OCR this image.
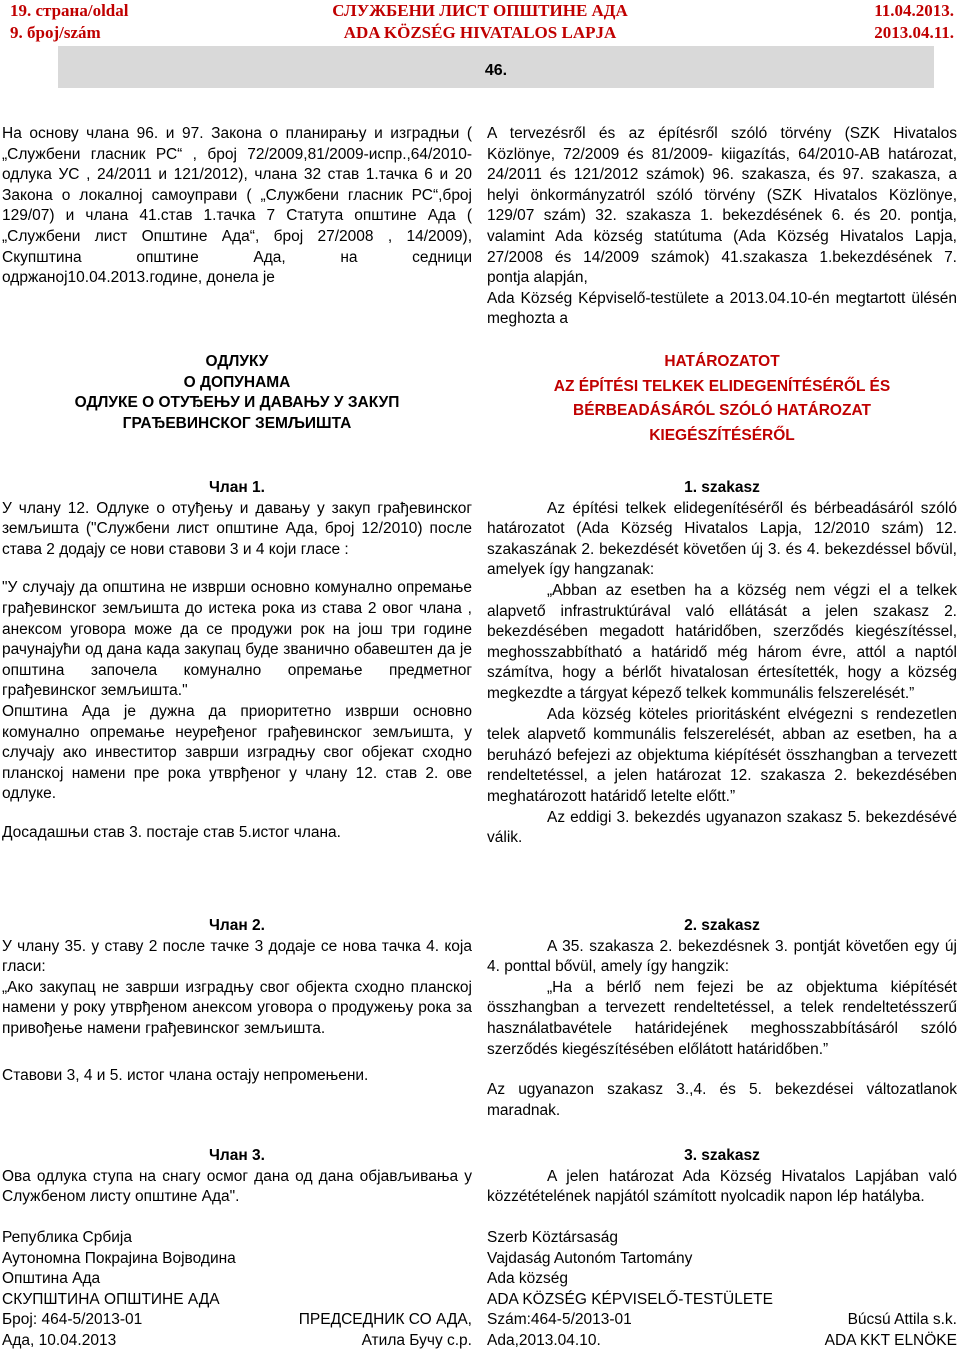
19. страна/oldal
9. број/szám
СЛУЖБЕНИ ЛИСТ ОПШТИНЕ АДА
ADA KÖZSÉG HIVATALOS LAPJA
11.04.2013.
2013.04.11.
46.

На основу члана 96. и 97. Закона о планирању и изградњи ( „Службени гласник РС“ , број 72/2009,81/2009-испр.,64/2010-одлука УС , 24/2011 и 121/2012), члана 32 став 1.тачка 6 и 20 Закона о локалној самоуправи ( „Службени гласник РС“,број 129/07) и члана 41.став 1.тачка 7 Статута општине Ада ( „Службени лист Општине Ада“, број 27/2008 , 14/2009), Скупштина општине Ада, на седници одржаној10.04.2013.године, донела је

ОДЛУКУ
О ДОПУНАМА
ОДЛУКЕ О ОТУЂЕЊУ И ДАВАЊУ У ЗАКУП
ГРАЂЕВИНСКОГ ЗЕМЉИШТА
Члан 1.

У члану 12. Одлуке о отуђењу и давању у закуп грађевинског земљишта ("Службени лист општине Ада, број 12/2010) после става 2 додају се нови ставови 3 и 4 који гласе :

"У случају да општина не изврши основно комунално опремање грађевинског земљишта до истека рока из става 2 овог члана , анексом уговора може да се продужи рок на још три године рачунајући од дана када закупац буде званично обавештен да је општина започела комунално опремање предметног грађевинског земљишта."

Општина Ада је дужна да приоритетно изврши основно комунално опремање неуређеног грађевинског земљишта, у случају ако инвеститор заврши изградњу свог објекат сходно планској намени пре рока утврђеног у члану 12. став 2. ове одлуке.

Досадашњи став 3. постаје став 5.истог члана.

Члан 2.

У члану 35. у ставу 2 после тачке 3 додаје се нова тачка 4. која гласи:

„Ако закупац не заврши изградњу свог објекта сходно планској намени у року утврђеном анексом уговора о продужењу рока за привођење намени грађевинског земљишта.

Ставови 3, 4 и 5. истог члана остају непромењени.

Члан 3.

Ова одлука ступа на снагу осмог дана од дана објављивања у Службеном листу општине Ада".

Република Србија
Аутономна Покрајина Војводина
Општина Ада
СКУПШТИНА ОПШТИНЕ АДА
Број: 464-5/2013-01	ПРЕДСЕДНИК СО АДА,
Ада, 10.04.2013	Атила Бучу с.р.

A tervezésről és az építésről szóló törvény (SZK Hivatalos Közlönye, 72/2009 és 81/2009- kiigazítás, 64/2010-AB határozat, 24/2011 és 121/2012 számok) 96. szakasza, és 97. szakasza, a helyi önkormányzatról szóló törvény (SZK Hivatalos Közlönye, 129/07 szám) 32. szakasza 1. bekezdésének 6. és 20. pontja, valamint Ada község statútuma (Ada Község Hivatalos Lapja, 27/2008 és 14/2009 számok) 41.szakasza 1.bekezdésének 7. pontja alapján,

Ada Község Képviselő-testülete a 2013.04.10-én megtartott ülésén meghozta a

HATÁROZATOT
AZ ÉPÍTÉSI TELKEK ELIDEGENÍTÉSÉRŐL ÉS
BÉRBEADÁSÁRÓL SZÓLÓ HATÁROZAT
KIEGÉSZÍTÉSÉRŐL
1. szakasz

Az építési telkek elidegenítéséről és bérbeadásáról szóló határozatot (Ada Község Hivatalos Lapja, 12/2010 szám) 12. szakaszának 2. bekezdését követően új 3. és 4. bekezdéssel bővül, amelyek így hangzanak:

„Abban az esetben ha a község nem végzi el a telkek alapvető infrastruktúrával való ellátását a jelen szakasz 2. bekezdésében megadott határidőben, szerződés kiegészítéssel, meghosszabbítható a határidő még három évre, attól a naptól számítva, hogy a bérlőt hivatalosan értesítették, hogy a község megkezdte a tárgyat képező telkek kommunális felszerelését.”

Ada község köteles prioritásként elvégezni s rendezetlen telek alapvető kommunális felszerelését, abban az esetben, ha a beruházó befejezi az objektuma kiépítését összhangban a tervezett rendeltetéssel, a jelen határozat 12. szakasza 2. bekezdésében meghatározott határidő letelte előtt.”

Az eddigi 3. bekezdés ugyanazon szakasz 5. bekezdésévé válik.

2. szakasz

A 35. szakasza 2. bekezdésnek 3. pontját követően egy új 4. ponttal bővül, amely így hangzik:

„Ha a bérlő nem fejezi be az objektuma kiépítését összhangban a tervezett rendeltetéssel, a telek rendeltetésszerű használatbavétele határidejének meghosszabbításáról szóló szerződés kiegészítésében előlátott határidőben.”

Az ugyanazon szakasz 3.,4. és 5. bekezdései változatlanok maradnak.

3. szakasz

A jelen határozat Ada Község Hivatalos Lapjában való közzétételének napjától számított nyolcadik napon lép hatályba.

Szerb Köztársaság
Vajdaság Autonóm Tartomány
Ada község
ADA KÖZSÉG KÉPVISELŐ-TESTÜLETE
Szám:464-5/2013-01	Búcsú Attila s.k.
Ada,2013.04.10.	ADA KKT ELNÖKE
